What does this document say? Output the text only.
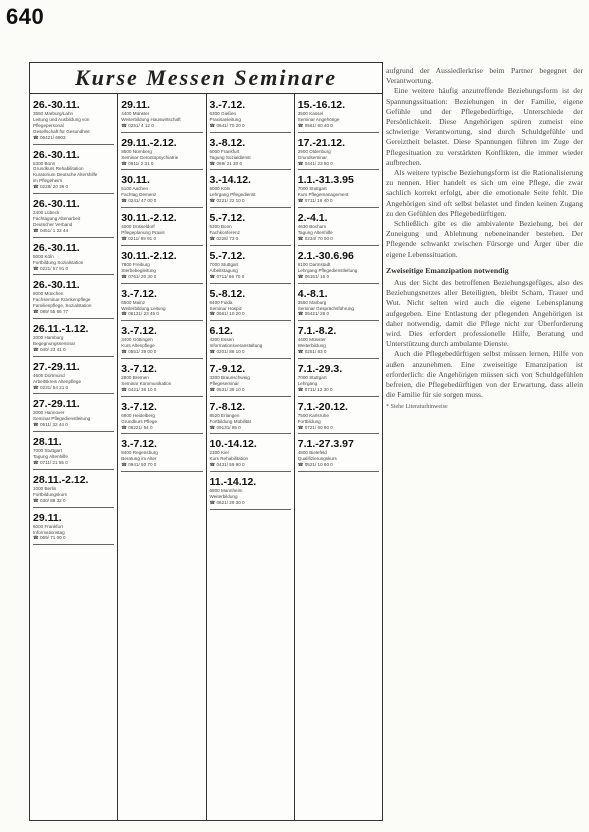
640
Kurse Messen Seminare
26.-30.11.
3550 Marburg/Lahn
Leitung und Ausbildung von
Pflegepersonal
Gesellschaft für Gesundheit
☎ 06421/ 6903
26.-30.11.
5300 Bonn
Grundkurs Rehabilitation
Kuratorium Deutsche Altershilfe
im Pflegeheim
☎ 0228/ 20 36 0
26.-30.11.
2400 Lübeck
Fachtagung Altenarbeit
Deutscher Verband
☎ 0451/ 1 22 44
26.-30.11.
5000 Köln
Fortbildung Sozialstation
☎ 0221/ 57 91 0
26.-30.11.
8000 München
Fachseminar Krankenpflege
Familienpflege, Sozialstation
☎ 089/ 55 66 77
26.11.-1.12.
2000 Hamburg
Begegnungsseminar
☎ 040/ 23 41 0
27.-29.11.
4600 Dortmund
Arbeitskreis Altenpflege
☎ 0231/ 54 21 0
27.-29.11.
3000 Hannover
Seminar Pflegedienstleitung
☎ 0511/ 32 44 0
28.11.
7000 Stuttgart
Tagung Altenhilfe
☎ 0711/ 21 55 0
28.11.-2.12.
1000 Berlin
Fortbildungskurs
☎ 030/ 88 32 0
29.11.
6000 Frankfurt
Informationstag
☎ 069/ 71 00 0
29.11.
4400 Münster
Weiterbildung Hauswirtschaft
☎ 0251/ 4 12 0
29.11.-2.12.
8500 Nürnberg
Seminar Gerontopsychiatrie
☎ 0911/ 2 31 0
30.11.
5100 Aachen
Fachtag Demenz
☎ 0241/ 47 00 0
30.11.-2.12.
4000 Düsseldorf
Pflegeplanung Praxis
☎ 0211/ 89 91 0
30.11.-2.12.
7800 Freiburg
Sterbebegleitung
☎ 0761/ 20 30 0
3.-7.12.
6500 Mainz
Weiterbildung Leitung
☎ 06131/ 23 45 0
3.-7.12.
3400 Göttingen
Kurs Altenpflege
☎ 0551/ 39 00 0
3.-7.12.
2800 Bremen
Seminar Kommunikation
☎ 0421/ 36 10 0
3.-7.12.
6900 Heidelberg
Grundkurs Pflege
☎ 06221/ 54 0
3.-7.12.
8400 Regensburg
Beratung im Alter
☎ 0941/ 50 70 0
3.-7.12.
6300 Gießen
Praxisanleitung
☎ 0641/ 70 20 0
3.-8.12.
6000 Frankfurt
Tagung Sozialdienst
☎ 069/ 21 20 0
3.-14.12.
5000 Köln
Lehrgang Pflegedienst
☎ 0221/ 22 10 0
5.-7.12.
5300 Bonn
Fachkonferenz
☎ 0228/ 73 0
5.-7.12.
7000 Stuttgart
Arbeitstagung
☎ 0711/ 66 70 0
5.-8.12.
6400 Fulda
Seminar Hospiz
☎ 0661/ 10 20 0
6.12.
4300 Essen
Informationsveranstaltung
☎ 0201/ 88 10 0
7.-9.12.
3300 Braunschweig
Pflegeseminar
☎ 0531/ 39 10 0
7.-8.12.
8520 Erlangen
Fortbildung Mobilität
☎ 09131/ 85 0
10.-14.12.
2300 Kiel
Kurs Rehabilitation
☎ 0431/ 59 90 0
11.-14.12.
6800 Mannheim
Weiterbildung
☎ 0621/ 29 30 0
15.-16.12.
3500 Kassel
Seminar Angehörige
☎ 0561/ 80 40 0
17.-21.12.
2900 Oldenburg
Grundseminar
☎ 0441/ 23 50 0
1.1.-31.3.95
7000 Stuttgart
Kurs Pflegemanagement
☎ 0711/ 16 40 0
2.-4.1.
4630 Bochum
Tagung Altenhilfe
☎ 0234/ 70 00 0
2.1.-30.6.96
6100 Darmstadt
Lehrgang Pflegedienstleitung
☎ 06151/ 16 0
4.-8.1.
3550 Marburg
Seminar Gesprächsführung
☎ 06421/ 28 0
7.1.-8.2.
4400 Münster
Weiterbildung
☎ 0251/ 83 0
7.1.-29.3.
7000 Stuttgart
Lehrgang
☎ 0711/ 12 30 0
7.1.-20.12.
7500 Karlsruhe
Fortbildung
☎ 0721/ 60 80 0
7.1.-27.3.97
4800 Bielefeld
Qualifizierungskurs
☎ 0521/ 10 60 0

aufgrund der Aussiedlerkrise beim Partner begegnet der Verantwortung.

Eine weitere häufig anzutreffende Beziehungsform ist der Spannungssituation: Beziehungen in der Familie, eigene Gefühle und der Pflegebedürftige, Unterschiede der Persönlichkeit. Diese Angehörigen spüren zumeist eine schwierige Verantwortung, sind durch Schuldgefühle und Gereiztheit belastet. Diese Spannungen führen im Zuge der Pflegesituation zu verstärkten Konflikten, die immer wieder aufbrechen.

Als weitere typische Beziehungsform ist die Rationalisierung zu nennen. Hier handelt es sich um eine Pflege, die zwar sachlich korrekt erfolgt, aber die emotionale Seite fehlt. Die Angehörigen sind oft selbst belastet und finden keinen Zugang zu den Gefühlen des Pflegebedürftigen.

Schließlich gibt es die ambivalente Beziehung, bei der Zuneigung und Ablehnung nebeneinander bestehen. Der Pflegende schwankt zwischen Fürsorge und Ärger über die eigene Lebenssituation.

Zweiseitige Emanzipation notwendig

Aus der Sicht des betroffenen Beziehungsgefüges, also des Beziehungsnetzes aller Beteiligten, bleibt Scham, Trauer und Wut. Nicht selten wird auch die eigene Lebensplanung aufgegeben. Eine Entlastung der pflegenden Angehörigen ist daher notwendig, damit die Pflege nicht zur Überforderung wird. Dies erfordert professionelle Hilfe, Beratung und Unterstützung durch ambulante Dienste.

Auch die Pflegebedürftigen selbst müssen lernen, Hilfe von außen anzunehmen. Eine zweiseitige Emanzipation ist erforderlich: die Angehörigen müssen sich von Schuldgefühlen befreien, die Pflegebedürftigen von der Erwartung, dass allein die Familie für sie sorgen muss.

* Siehe Literaturhinweise
